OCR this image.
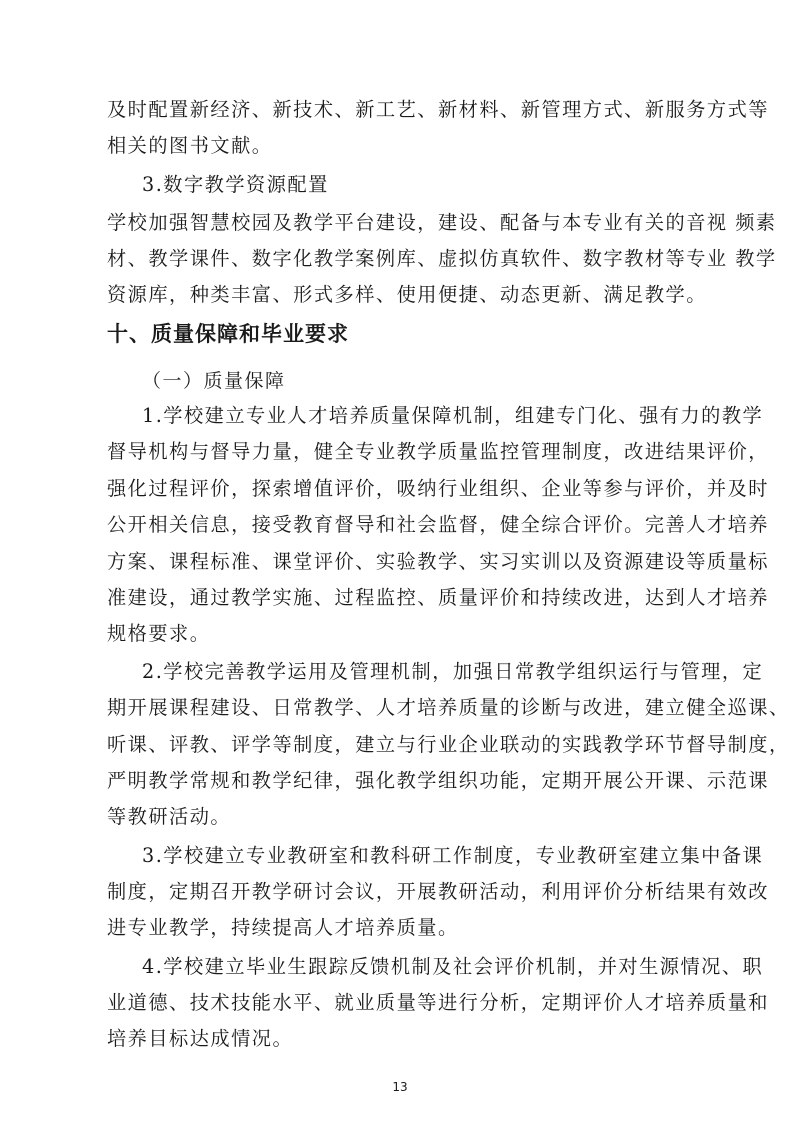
及时配置新经济、新技术、新工艺、新材料、新管理方式、新服务方式等
相关的图书文献。
3.数字教学资源配置
学校加强智慧校园及教学平台建设，建设、配备与本专业有关的音视 频素
材、教学课件、数字化教学案例库、虚拟仿真软件、数字教材等专业 教学
资源库，种类丰富、形式多样、使用便捷、动态更新、满足教学。
十、质量保障和毕业要求
（一）质量保障
1.学校建立专业人才培养质量保障机制，组建专门化、强有力的教学
督导机构与督导力量，健全专业教学质量监控管理制度，改进结果评价，
强化过程评价，探索增值评价，吸纳行业组织、企业等参与评价，并及时
公开相关信息，接受教育督导和社会监督，健全综合评价。完善人才培养
方案、课程标准、课堂评价、实验教学、实习实训以及资源建设等质量标
准建设，通过教学实施、过程监控、质量评价和持续改进，达到人才培养
规格要求。
2.学校完善教学运用及管理机制，加强日常教学组织运行与管理，定
期开展课程建设、日常教学、人才培养质量的诊断与改进，建立健全巡课、
听课、评教、评学等制度，建立与行业企业联动的实践教学环节督导制度，
严明教学常规和教学纪律，强化教学组织功能，定期开展公开课、示范课
等教研活动。
3.学校建立专业教研室和教科研工作制度，专业教研室建立集中备课
制度，定期召开教学研讨会议，开展教研活动，利用评价分析结果有效改
进专业教学，持续提高人才培养质量。
4.学校建立毕业生跟踪反馈机制及社会评价机制，并对生源情况、职
业道德、技术技能水平、就业质量等进行分析，定期评价人才培养质量和
培养目标达成情况。
13
